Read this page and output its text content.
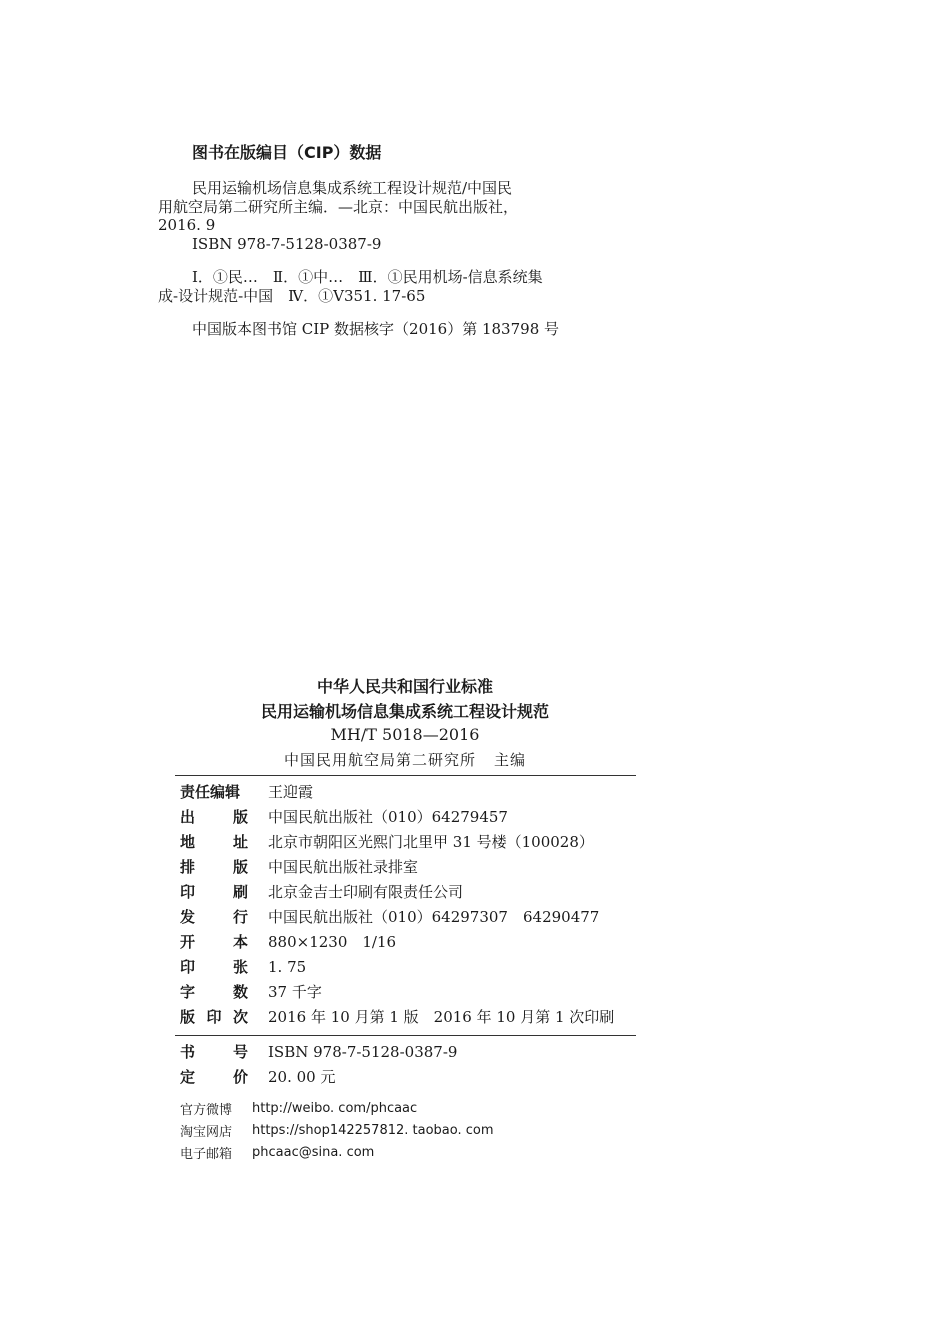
图书在版编目（CIP）数据
民用运输机场信息集成系统工程设计规范/中国民
用航空局第二研究所主编．—北京：中国民航出版社，
2016. 9
ISBN 978-7-5128-0387-9
Ⅰ．①民…　Ⅱ．①中…　Ⅲ．①民用机场-信息系统集
成-设计规范-中国　Ⅳ．①V351. 17-65
中国版本图书馆 CIP 数据核字（2016）第 183798 号
中华人民共和国行业标准
民用运输机场信息集成系统工程设计规范
MH/T 5018—2016
中国民用航空局第二研究所 主编
责任编辑	王迎霞

出 版	中国民航出版社（010）64279457

地 址	北京市朝阳区光熙门北里甲 31 号楼（100028）

排 版	中国民航出版社录排室

印 刷	北京金吉士印刷有限责任公司

发 行	中国民航出版社（010）64297307　64290477

开 本	880×1230　1/16

印 张	1. 75

字 数	37 千字

版 印 次	2016 年 10 月第 1 版　2016 年 10 月第 1 次印刷
书 号	ISBN 978-7-5128-0387-9

定 价	20. 00 元
官方微博	http://weibo. com/phcaac
淘宝网店	https://shop142257812. taobao. com
电子邮箱	phcaac@sina. com
